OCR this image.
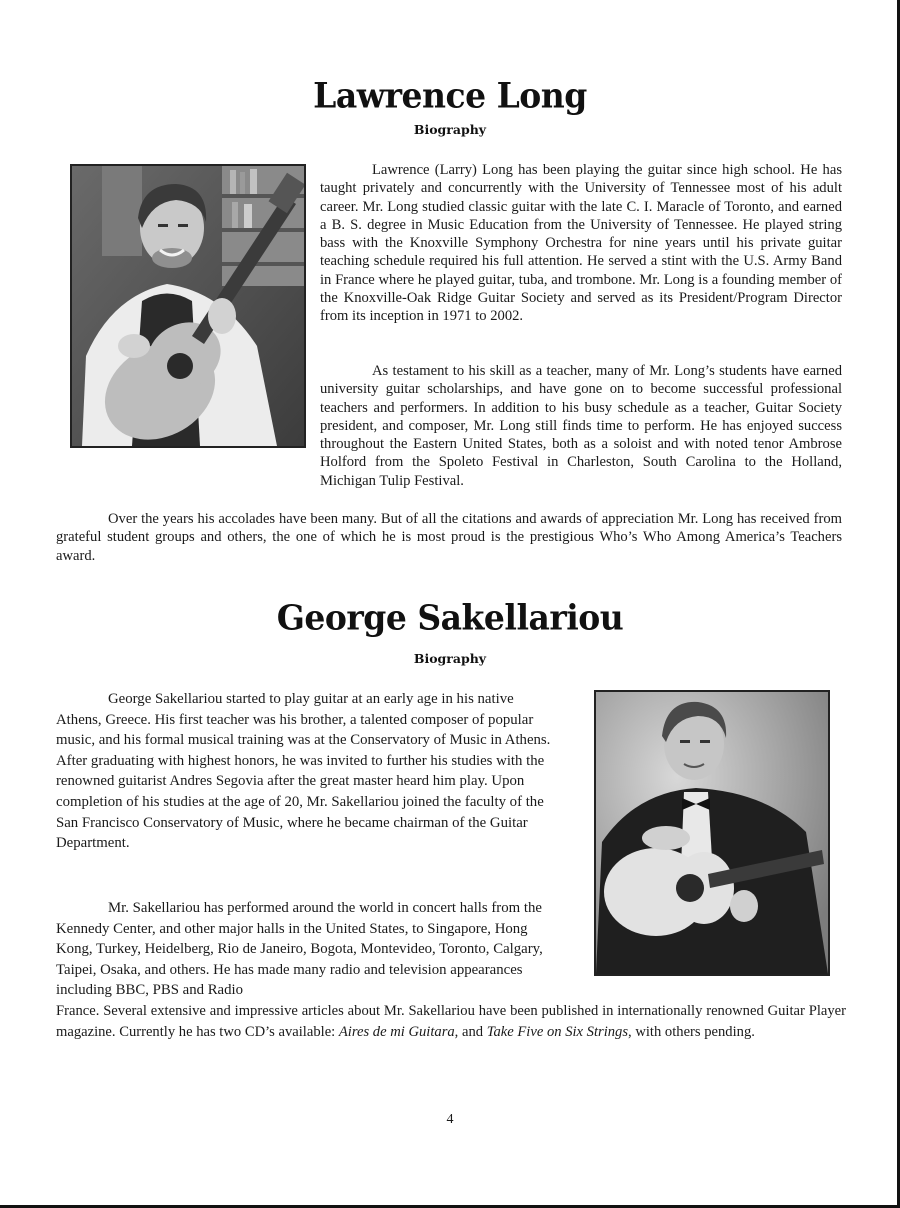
Lawrence Long
Biography

Lawrence (Larry) Long has been playing the guitar since high school. He has taught privately and concurrently with the University of Tennessee most of his adult career. Mr. Long studied classic guitar with the late C. I. Maracle of Toronto, and earned a B. S. degree in Music Education from the University of Tennessee. He played string bass with the Knoxville Symphony Orchestra for nine years until his private guitar teaching schedule required his full attention. He served a stint with the U.S. Army Band in France where he played guitar, tuba, and trombone. Mr. Long is a founding member of the Knoxville-Oak Ridge Guitar Society and served as its President/Program Director from its inception in 1971 to 2002.

As testament to his skill as a teacher, many of Mr. Long’s students have earned university guitar scholarships, and have gone on to become successful professional teachers and performers. In addition to his busy schedule as a teacher, Guitar Society president, and composer, Mr. Long still finds time to perform. He has enjoyed success throughout the Eastern United States, both as a soloist and with noted tenor Ambrose Holford from the Spoleto Festival in Charleston, South Carolina to the Holland, Michigan Tulip Festival.

Over the years his accolades have been many. But of all the citations and awards of appreciation Mr. Long has received from grateful student groups and others, the one of which he is most proud is the prestigious Who’s Who Among America’s Teachers award.

George Sakellariou
Biography

George Sakellariou started to play guitar at an early age in his native Athens, Greece. His first teacher was his brother, a talented composer of popular music, and his formal musical training was at the Conservatory of Music in Athens. After graduating with highest honors, he was invited to further his studies with the renowned guitarist Andres Segovia after the great master heard him play. Upon completion of his studies at the age of 20, Mr. Sakellariou joined the faculty of the San Francisco Conservatory of Music, where he became chairman of the Guitar Department.

Mr. Sakellariou has performed around the world in concert halls from the Kennedy Center, and other major halls in the United States, to Singapore, Hong Kong, Turkey, Heidelberg, Rio de Janeiro, Bogota, Montevideo, Toronto, Calgary, Taipei, Osaka, and others. He has made many radio and television appearances including BBC, PBS and Radio

France. Several extensive and impressive articles about Mr. Sakellariou have been published in internationally renowned Guitar Player magazine. Currently he has two CD’s available: Aires de mi Guitara, and Take Five on Six Strings, with others pending.

4
